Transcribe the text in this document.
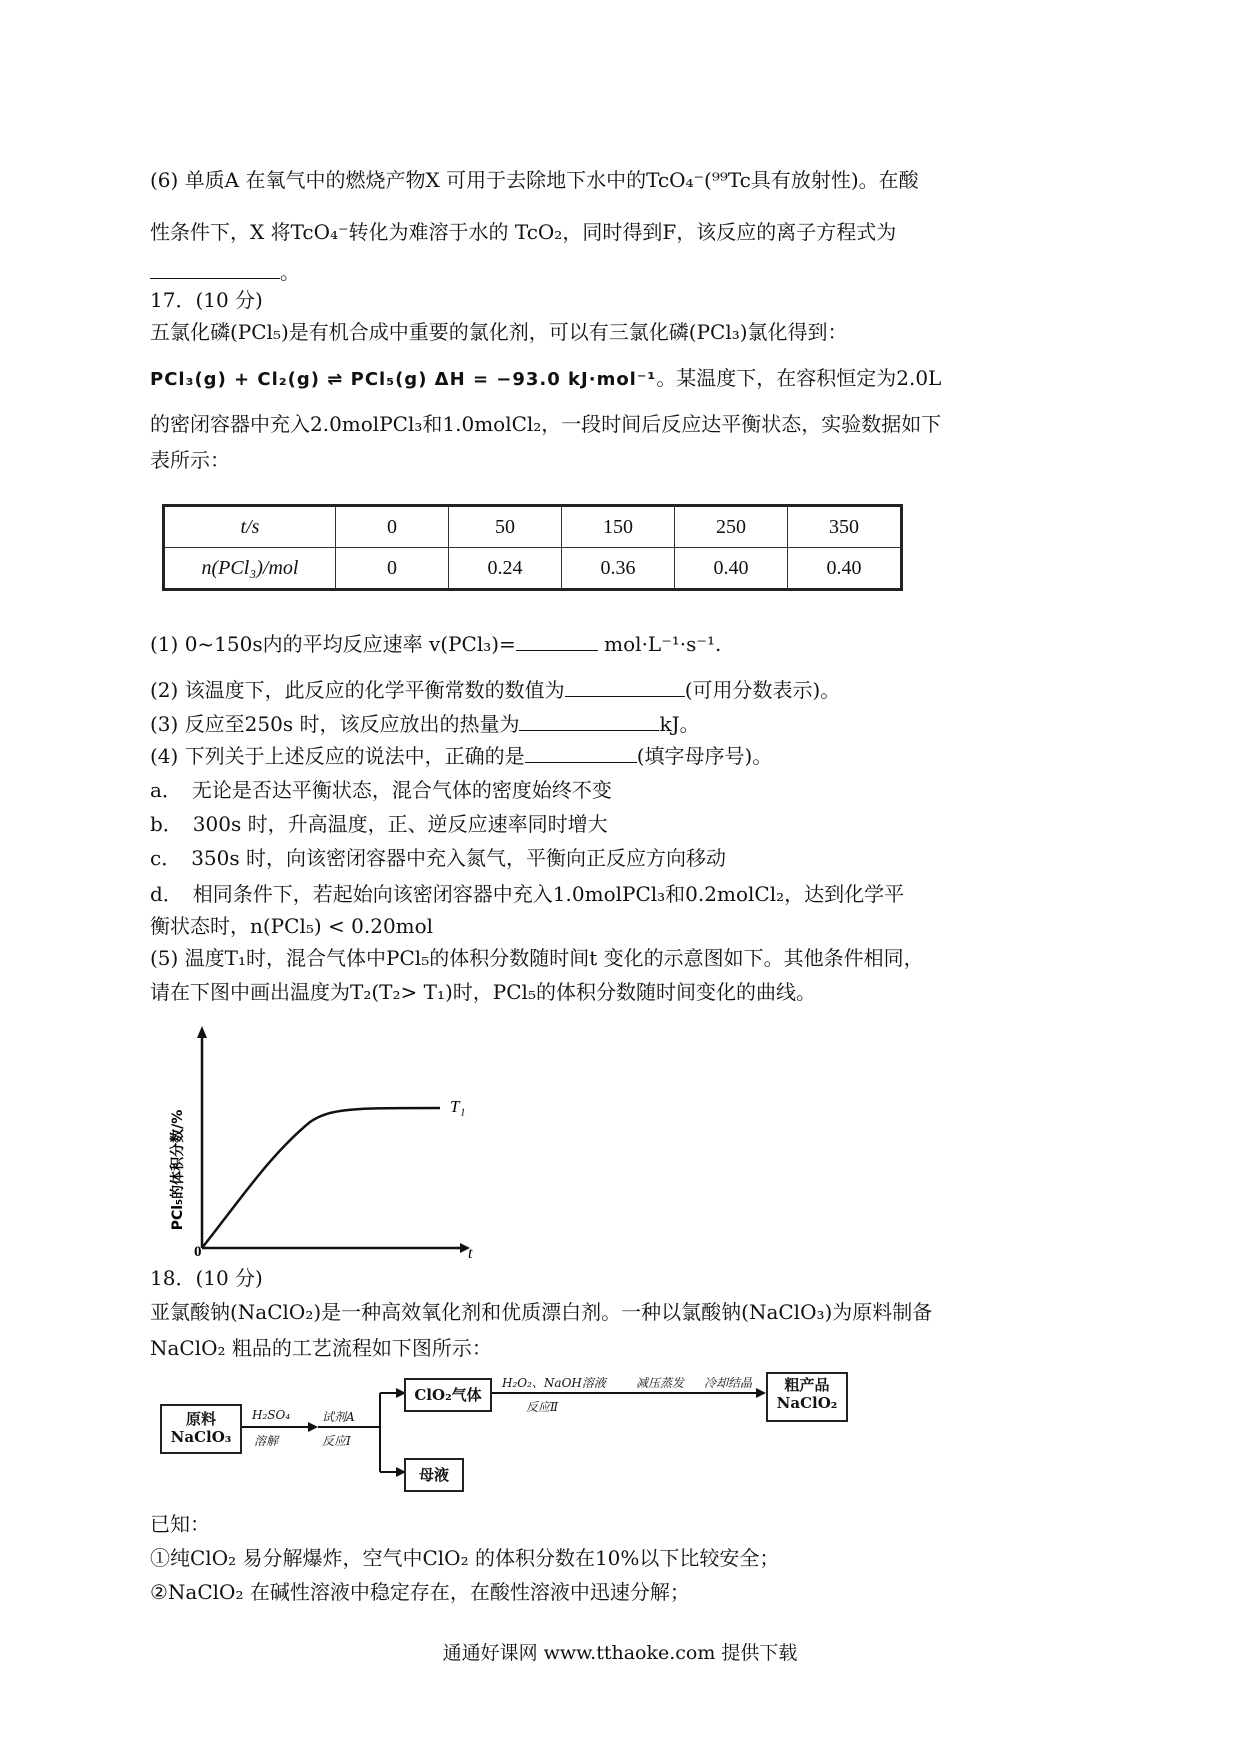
(6) 单质A 在氧气中的燃烧产物X 可用于去除地下水中的TcO₄⁻(⁹⁹Tc具有放射性)。在酸
性条件下，X 将TcO₄⁻转化为难溶于水的 TcO₂，同时得到F，该反应的离子方程式为
。
17．(10 分)
五氯化磷(PCl₅)是有机合成中重要的氯化剂，可以有三氯化磷(PCl₃)氯化得到：
PCl₃(g) + Cl₂(g) ⇌ PCl₅(g) ΔH = −93.0 kJ·mol⁻¹。某温度下，在容积恒定为2.0L
的密闭容器中充入2.0molPCl₃和1.0molCl₂，一段时间后反应达平衡状态，实验数据如下
表所示：
t/s	0	50	150	250	350
n(PCl₃)/mol	0	0.24	0.36	0.40	0.40
(1) 0~150s内的平均反应速率 v(PCl₃)=	mol·L⁻¹·s⁻¹.
(2) 该温度下，此反应的化学平衡常数的数值为	(可用分数表示)。
(3) 反应至250s 时，该反应放出的热量为	kJ。
(4) 下列关于上述反应的说法中，正确的是	(填字母序号)。
a．　无论是否达平衡状态，混合气体的密度始终不变
b．　300s 时，升高温度，正、逆反应速率同时增大
c．　350s 时，向该密闭容器中充入氮气，平衡向正反应方向移动
d．　相同条件下，若起始向该密闭容器中充入1.0molPCl₃和0.2molCl₂，达到化学平
衡状态时，n(PCl₅) < 0.20mol
(5) 温度T₁时，混合气体中PCl₅的体积分数随时间t 变化的示意图如下。其他条件相同，
请在下图中画出温度为T₂(T₂> T₁)时，PCl₅的体积分数随时间变化的曲线。
T₁
t
0
PCl₅的体积分数/%
18．(10 分)
亚氯酸钠(NaClO₂)是一种高效氧化剂和优质漂白剂。一种以氯酸钠(NaClO₃)为原料制备
NaClO₂ 粗品的工艺流程如下图所示：
原料
NaClO₃
H₂SO₄
溶解
试剂A
反应Ⅰ
ClO₂气体
母液
H₂O₂、NaOH溶液
反应Ⅱ
减压蒸发 冷却结晶	粗产品
NaClO₂
已知：
①纯ClO₂ 易分解爆炸，空气中ClO₂ 的体积分数在10%以下比较安全；
②NaClO₂ 在碱性溶液中稳定存在，在酸性溶液中迅速分解；
通通好课网 www.tthaoke.com 提供下载
